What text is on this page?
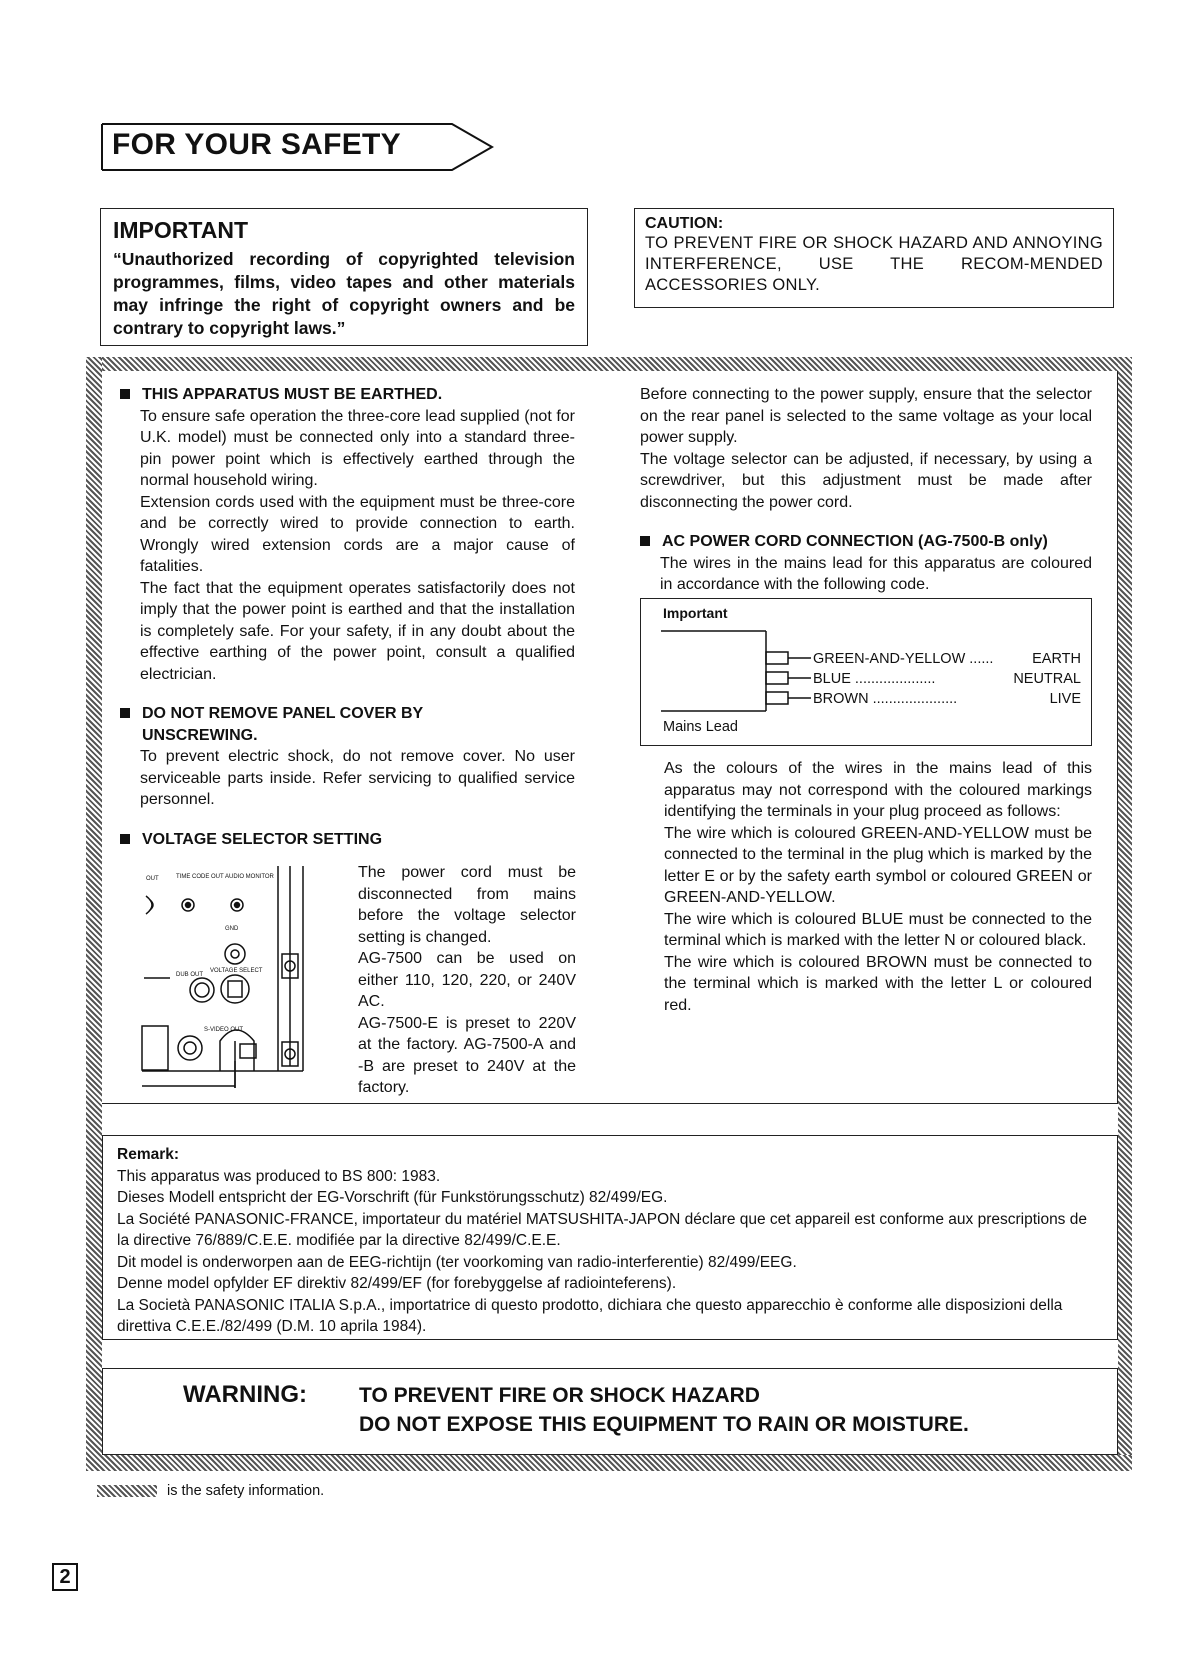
FOR YOUR SAFETY
IMPORTANT
“Unauthorized recording of copyrighted television programmes, films, video tapes and other materials may infringe the right of copyright owners and be contrary to copyright laws.”
CAUTION:
TO PREVENT FIRE OR SHOCK HAZARD AND ANNOYING INTERFERENCE, USE THE RECOM-MENDED ACCESSORIES ONLY.
THIS APPARATUS MUST BE EARTHED.
To ensure safe operation the three-core lead supplied (not for U.K. model) must be connected only into a standard three-pin power point which is effectively earthed through the normal household wiring.
Extension cords used with the equipment must be three-core and be correctly wired to provide connection to earth. Wrongly wired extension cords are a major cause of fatalities.
The fact that the equipment operates satisfactorily does not imply that the power point is earthed and that the installation is completely safe. For your safety, if in any doubt about the effective earthing of the power point, consult a qualified electrician.
DO NOT REMOVE PANEL COVER BY
UNSCREWING.
To prevent electric shock, do not remove cover. No user serviceable parts inside. Refer servicing to qualified service personnel.
VOLTAGE SELECTOR SETTING
OUT	TIME CODE OUT AUDIO MONITOR
GND
VOLTAGE SELECT
DUB OUT
S-VIDEO OUT
The power cord must be disconnected from mains before the voltage selector setting is changed.
AG-7500 can be used on either 110, 120, 220, or 240V AC.
AG-7500-E is preset to 220V at the factory. AG-7500-A and -B are preset to 240V at the factory.
Before connecting to the power supply, ensure that the selector on the rear panel is selected to the same voltage as your local power supply.
The voltage selector can be adjusted, if necessary, by using a screwdriver, but this adjustment must be made after disconnecting the power cord.
AC POWER CORD CONNECTION (AG-7500-B only)
The wires in the mains lead for this apparatus are coloured in accordance with the following code.
Important
GREEN-AND-YELLOW ......	EARTH
BLUE ....................	NEUTRAL
BROWN .....................	LIVE
Mains Lead
As the colours of the wires in the mains lead of this apparatus may not correspond with the coloured markings identifying the terminals in your plug proceed as follows:
The wire which is coloured GREEN-AND-YELLOW must be connected to the terminal in the plug which is marked by the letter E or by the safety earth symbol or coloured GREEN or GREEN-AND-YELLOW.
The wire which is coloured BLUE must be connected to the terminal which is marked with the letter N or coloured black.
The wire which is coloured BROWN must be connected to the terminal which is marked with the letter L or coloured red.
Remark:
This apparatus was produced to BS 800: 1983.
Dieses Modell entspricht der EG-Vorschrift (für Funkstörungsschutz) 82/499/EG.
La Société PANASONIC-FRANCE, importateur du matériel MATSUSHITA-JAPON déclare que cet appareil est conforme aux prescriptions de la directive 76/889/C.E.E. modifiée par la directive 82/499/C.E.E.
Dit model is onderworpen aan de EEG-richtijn (ter voorkoming van radio-interferentie) 82/499/EEG.
Denne model opfylder EF direktiv 82/499/EF (for forebyggelse af radiointeferens).
La Società PANASONIC ITALIA S.p.A., importatrice di questo prodotto, dichiara che questo apparecchio è conforme alle disposizioni della direttiva C.E.E./82/499 (D.M. 10 aprila 1984).
WARNING: TO PREVENT FIRE OR SHOCK HAZARD
DO NOT EXPOSE THIS EQUIPMENT TO RAIN OR MOISTURE.
is the safety information.
2
